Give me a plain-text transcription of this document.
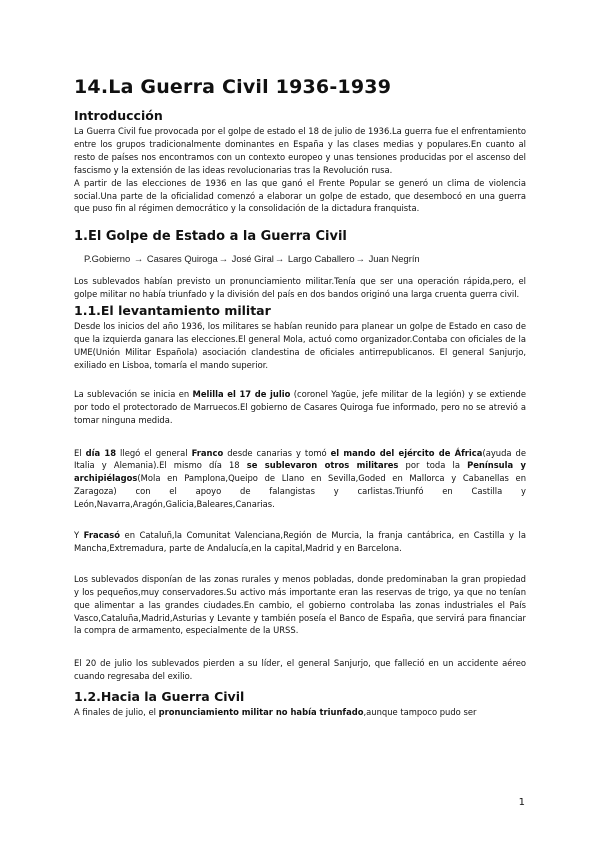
14.La Guerra Civil 1936-1939
Introducción

La Guerra Civil fue provocada por el golpe de estado el 18 de julio de 1936.La guerra fue el enfrentamiento entre los grupos tradicionalmente dominantes en España y las clases medias y populares.En cuanto al resto de países nos encontramos con un contexto europeo y unas tensiones producidas por el ascenso del fascismo y la extensión de las ideas revolucionarias tras la Revolución rusa.

A partir de las elecciones de 1936 en las que ganó el Frente Popular se generó un clima de violencia social.Una parte de la oficialidad comenzó a elaborar un golpe de estado, que desembocó en una guerra que puso fin al régimen democrático y la consolidación de la dictadura franquista.

1.El Golpe de Estado a la Guerra Civil
P.Gobierno → Casares Quiroga→ José Giral→ Largo Caballero→ Juan Negrín

Los sublevados habían previsto un pronunciamiento militar.Tenía que ser una operación rápida,pero, el golpe militar no había triunfado y la división del país en dos bandos originó una larga cruenta guerra civil.

1.1.El levantamiento militar

Desde los inicios del año 1936, los militares se habían reunido para planear un golpe de Estado en caso de que la izquierda ganara las elecciones.El general Mola, actuó como organizador.Contaba con oficiales de la UME(Unión Militar Española) asociación clandestina de oficiales antirrepublicanos. El general Sanjurjo, exiliado en Lisboa, tomaría el mando superior.

La sublevación se inicia en Melilla el 17 de julio (coronel Yagüe, jefe militar de la legión) y se extiende por todo el protectorado de Marruecos.El gobierno de Casares Quiroga fue informado, pero no se atrevió a tomar ninguna medida.

El día 18 llegó el general Franco desde canarias y tomó el mando del ejército de África(ayuda de Italia y Alemania).El mismo día 18 se sublevaron otros militares por toda la Península y archipiélagos(Mola en Pamplona,Queipo de Llano en Sevilla,Goded en Mallorca y Cabanellas en Zaragoza) con el apoyo de falangistas y carlistas.Triunfó en Castilla y León,Navarra,Aragón,Galicia,Baleares,Canarias.

Y Fracasó en Cataluñ,la Comunitat Valenciana,Región de Murcia, la franja cantábrica, en Castilla y la Mancha,Extremadura, parte de Andalucía,en la capital,Madrid y en Barcelona.

Los sublevados disponían de las zonas rurales y menos pobladas, donde predominaban la gran propiedad y los pequeños,muy conservadores.Su activo más importante eran las reservas de trigo, ya que no tenían que alimentar a las grandes ciudades.En cambio, el gobierno controlaba las zonas industriales el País Vasco,Cataluña,Madrid,Asturias y Levante y también poseía el Banco de España, que servirá para financiar la compra de armamento, especialmente de la URSS.

El 20 de julio los sublevados pierden a su líder, el general Sanjurjo, que falleció en un accidente aéreo cuando regresaba del exilio.

1.2.Hacia la Guerra Civil

A finales de julio, el pronunciamiento militar no había triunfado,aunque tampoco pudo ser

1
